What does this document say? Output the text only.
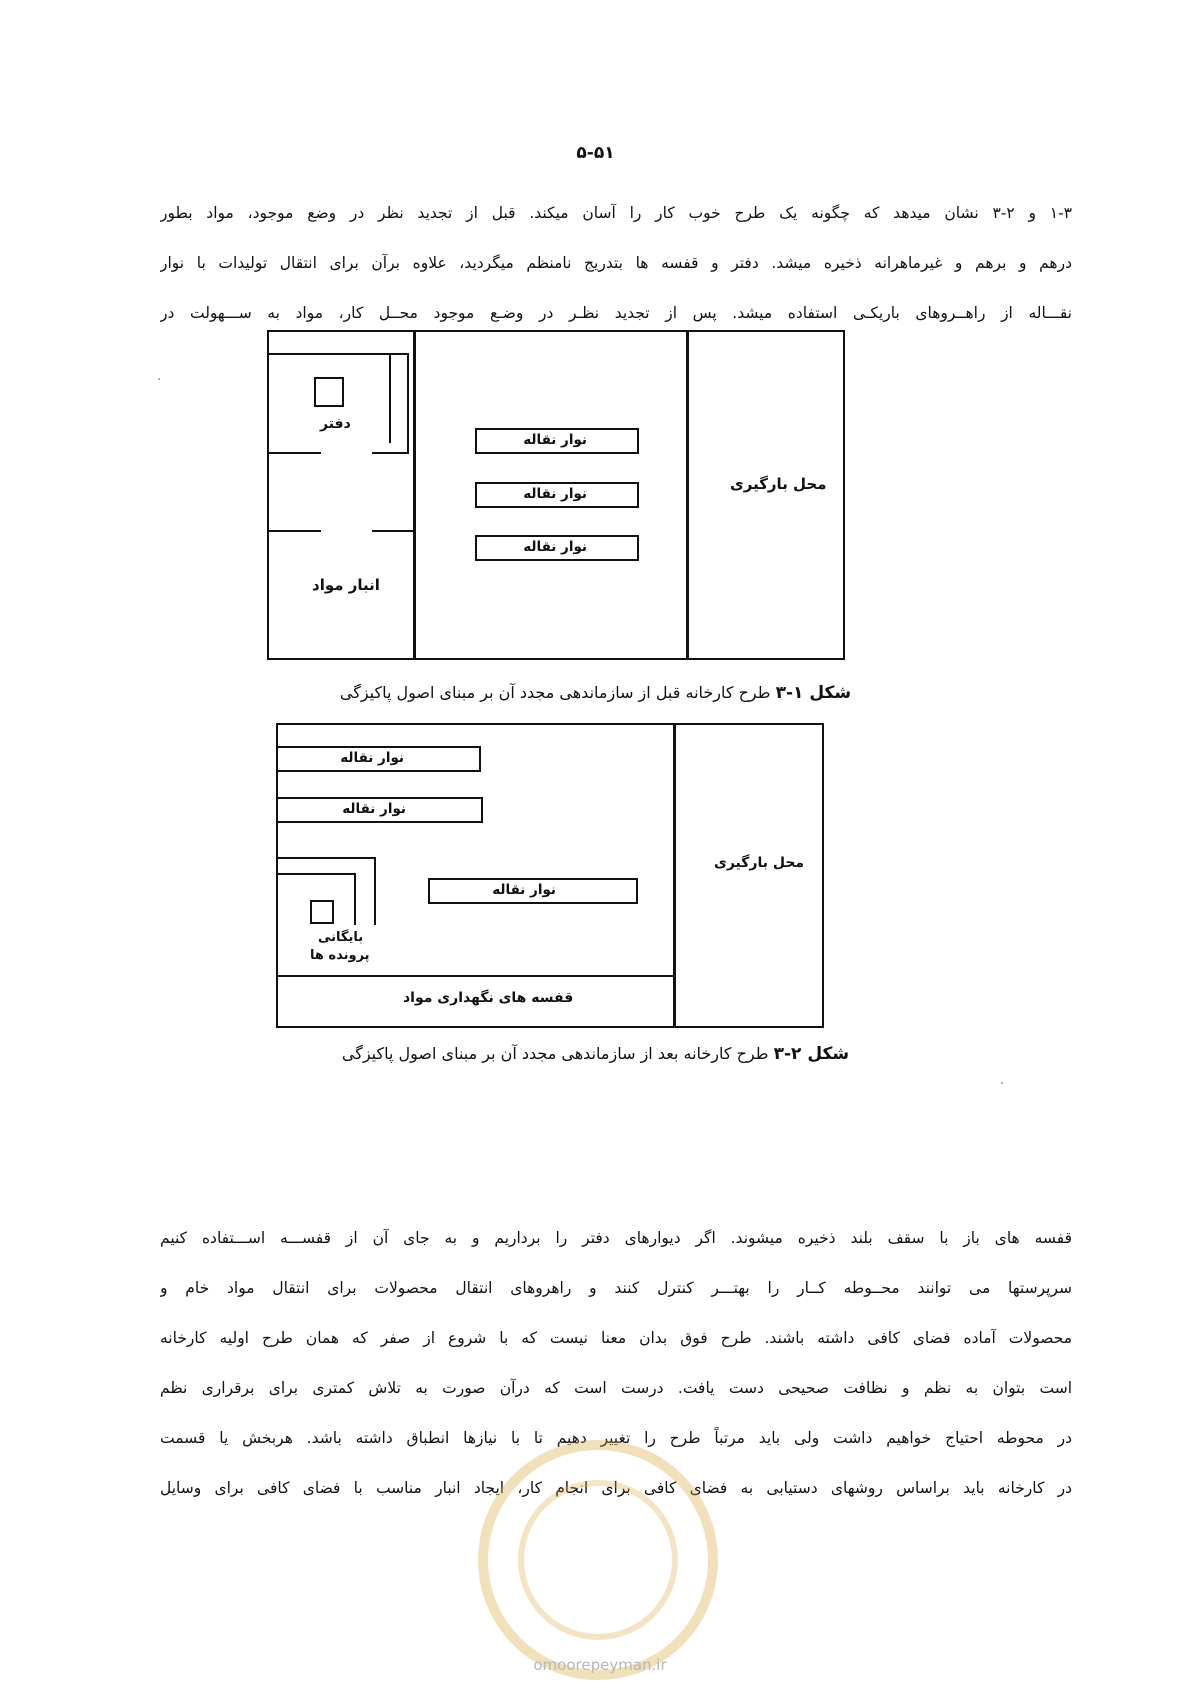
۵-۵۱
۱-۳ و ۲-۳ نشان میدهد که چگونه یک طرح خوب کار را آسان میکند. قبل از تجدید نظر در وضع موجود، مواد بطور
درهم و برهم و غیرماهرانه ذخیره میشد. دفتر و قفسه ها بتدریج نامنظم میگردید، علاوه برآن برای انتقال تولیدات با نوار
نقـــاله از راهــروهای باریکـی استفاده میشد. پس از تجدید نظـر در وضـع موجود محــل کار، مواد به ســـهولت در
دفتر
انبار مواد
نوار نقاله
نوار نقاله
نوار نقاله
محل بارگیری
شکل ۱-۳ طرح کارخانه قبل از سازماندهی مجدد آن بر مبنای اصول پاکیزگی
قفسه های نگهداری مواد
نوار نقاله
نوار نقاله
نوار نقاله
بایگانی
پرونده ها
محل بارگیری
شکل ۲-۳ طرح کارخانه بعد از سازماندهی مجدد آن بر مبنای اصول پاکیزگی
قفسه های باز با سقف بلند ذخیره میشوند. اگر دیوارهای دفتر را برداریم و به جای آن از قفســـه اســـتفاده کنیم
سرپرستها می توانند محــوطه کــار را بهتـــر کنترل کنند و راهروهای انتقال محصولات برای انتقال مواد خام و
محصولات آماده فضای کافی داشته باشند. طرح فوق بدان معنا نیست که با شروع از صفر که همان طرح اولیه کارخانه
است بتوان به نظم و نظافت صحیحی دست یافت. درست است که درآن صورت به تلاش کمتری برای برقراری نظم
در محوطه احتیاج خواهیم داشت ولی باید مرتباً طرح را تغییر دهیم تا با نیازها انطباق داشته باشد. هربخش یا قسمت
در کارخانه باید براساس روشهای دستیابی به فضای کافی برای انجام کار، ایجاد انبار مناسب با فضای کافی برای وسایل
omoorepeyman.ir
